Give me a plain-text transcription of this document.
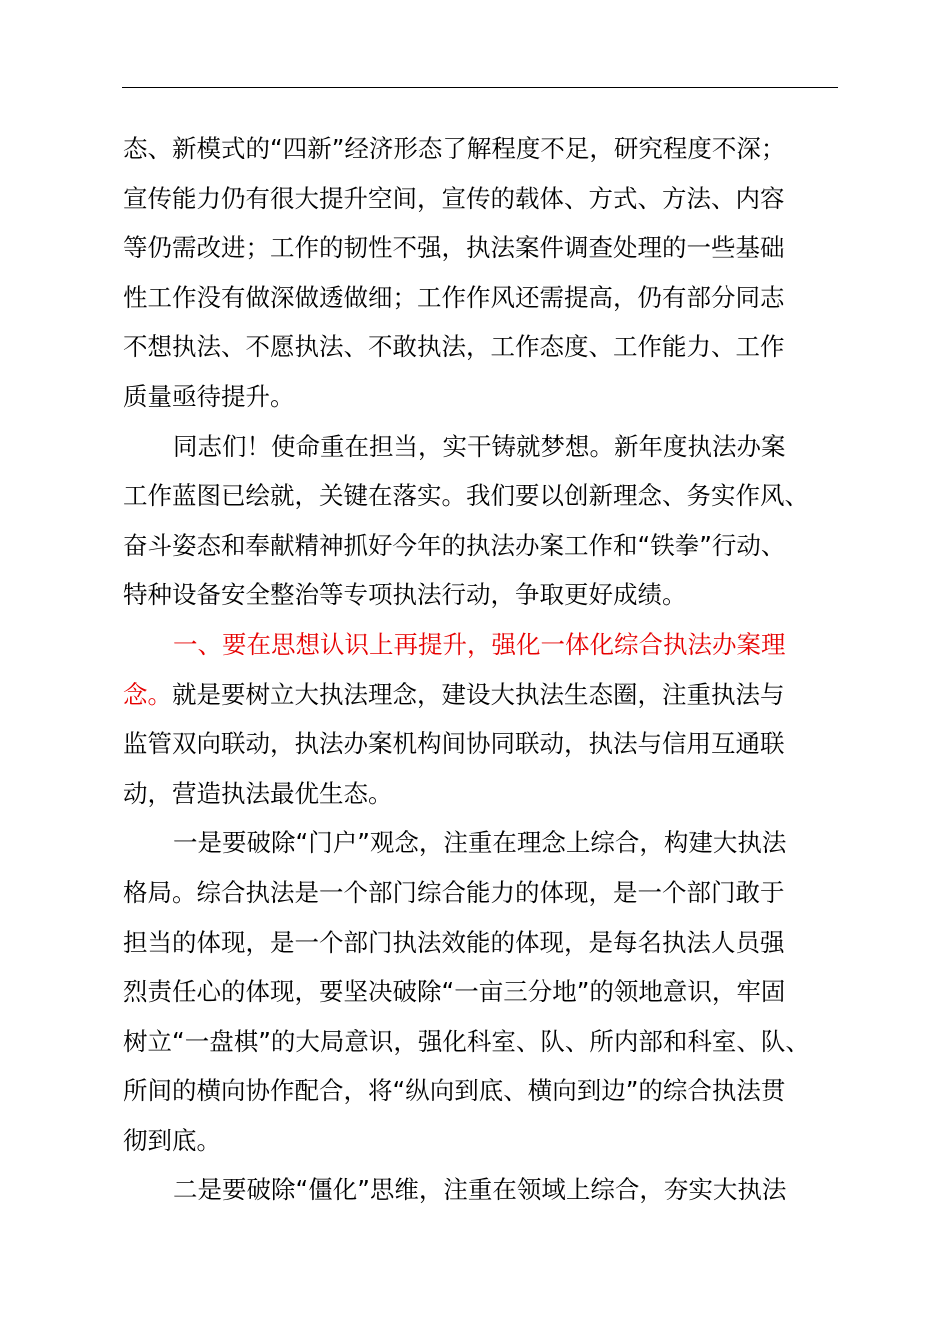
态、新模式的“四新”经济形态了解程度不足，研究程度不深；
宣传能力仍有很大提升空间，宣传的载体、方式、方法、内容
等仍需改进；工作的韧性不强，执法案件调查处理的一些基础
性工作没有做深做透做细；工作作风还需提高，仍有部分同志
不想执法、不愿执法、不敢执法，工作态度、工作能力、工作
质量亟待提升。
同志们！使命重在担当，实干铸就梦想。新年度执法办案
工作蓝图已绘就，关键在落实。我们要以创新理念、务实作风、
奋斗姿态和奉献精神抓好今年的执法办案工作和“铁拳”行动、
特种设备安全整治等专项执法行动，争取更好成绩。
一、要在思想认识上再提升，强化一体化综合执法办案理
念。就是要树立大执法理念，建设大执法生态圈，注重执法与
监管双向联动，执法办案机构间协同联动，执法与信用互通联
动，营造执法最优生态。
一是要破除“门户”观念，注重在理念上综合，构建大执法
格局。综合执法是一个部门综合能力的体现，是一个部门敢于
担当的体现，是一个部门执法效能的体现，是每名执法人员强
烈责任心的体现，要坚决破除“一亩三分地”的领地意识，牢固
树立“一盘棋”的大局意识，强化科室、队、所内部和科室、队、
所间的横向协作配合，将“纵向到底、横向到边”的综合执法贯
彻到底。
二是要破除“僵化”思维，注重在领域上综合，夯实大执法
